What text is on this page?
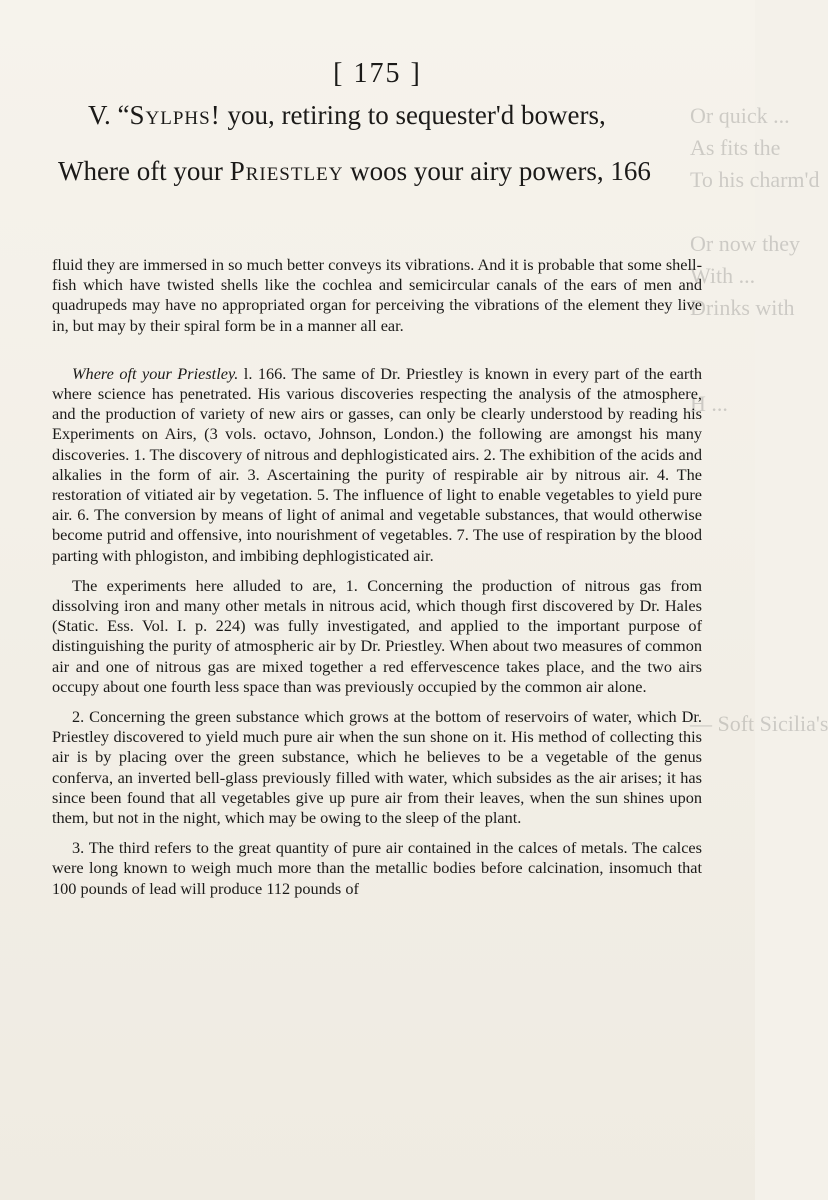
Or quick ...
As fits the
To his charm'd

Or now they
With ...
Drinks with

H ...

— Soft Sicilia's

[ 175 ]
V. “Sylphs! you, retiring to sequester'd bowers,
Where oft your Priestley woos your airy powers, 166

fluid they are immersed in so much better conveys its vibrations. And it is probable that some shell-fish which have twisted shells like the cochlea and semicircular canals of the ears of men and quadrupeds may have no appropriated organ for perceiving the vibrations of the element they live in, but may by their spiral form be in a manner all ear.

Where oft your Priestley. l. 166. The same of Dr. Priestley is known in every part of the earth where science has penetrated. His various discoveries respecting the analysis of the atmosphere, and the production of variety of new airs or gasses, can only be clearly understood by reading his Experiments on Airs, (3 vols. octavo, Johnson, London.) the following are amongst his many discoveries. 1. The discovery of nitrous and dephlogisticated airs. 2. The exhibition of the acids and alkalies in the form of air. 3. Ascertaining the purity of respirable air by nitrous air. 4. The restoration of vitiated air by vegetation. 5. The influence of light to enable vegetables to yield pure air. 6. The conversion by means of light of animal and vegetable substances, that would otherwise become putrid and offensive, into nourishment of vegetables. 7. The use of respiration by the blood parting with phlogiston, and imbibing dephlogisticated air.

The experiments here alluded to are, 1. Concerning the production of nitrous gas from dissolving iron and many other metals in nitrous acid, which though first discovered by Dr. Hales (Static. Ess. Vol. I. p. 224) was fully investigated, and applied to the important purpose of distinguishing the purity of atmospheric air by Dr. Priestley. When about two measures of common air and one of nitrous gas are mixed together a red effervescence takes place, and the two airs occupy about one fourth less space than was previously occupied by the common air alone.

2. Concerning the green substance which grows at the bottom of reservoirs of water, which Dr. Priestley discovered to yield much pure air when the sun shone on it. His method of collecting this air is by placing over the green substance, which he believes to be a vegetable of the genus conferva, an inverted bell-glass previously filled with water, which subsides as the air arises; it has since been found that all vegetables give up pure air from their leaves, when the sun shines upon them, but not in the night, which may be owing to the sleep of the plant.

3. The third refers to the great quantity of pure air contained in the calces of metals. The calces were long known to weigh much more than the metallic bodies before calcination, insomuch that 100 pounds of lead will produce 112 pounds of
